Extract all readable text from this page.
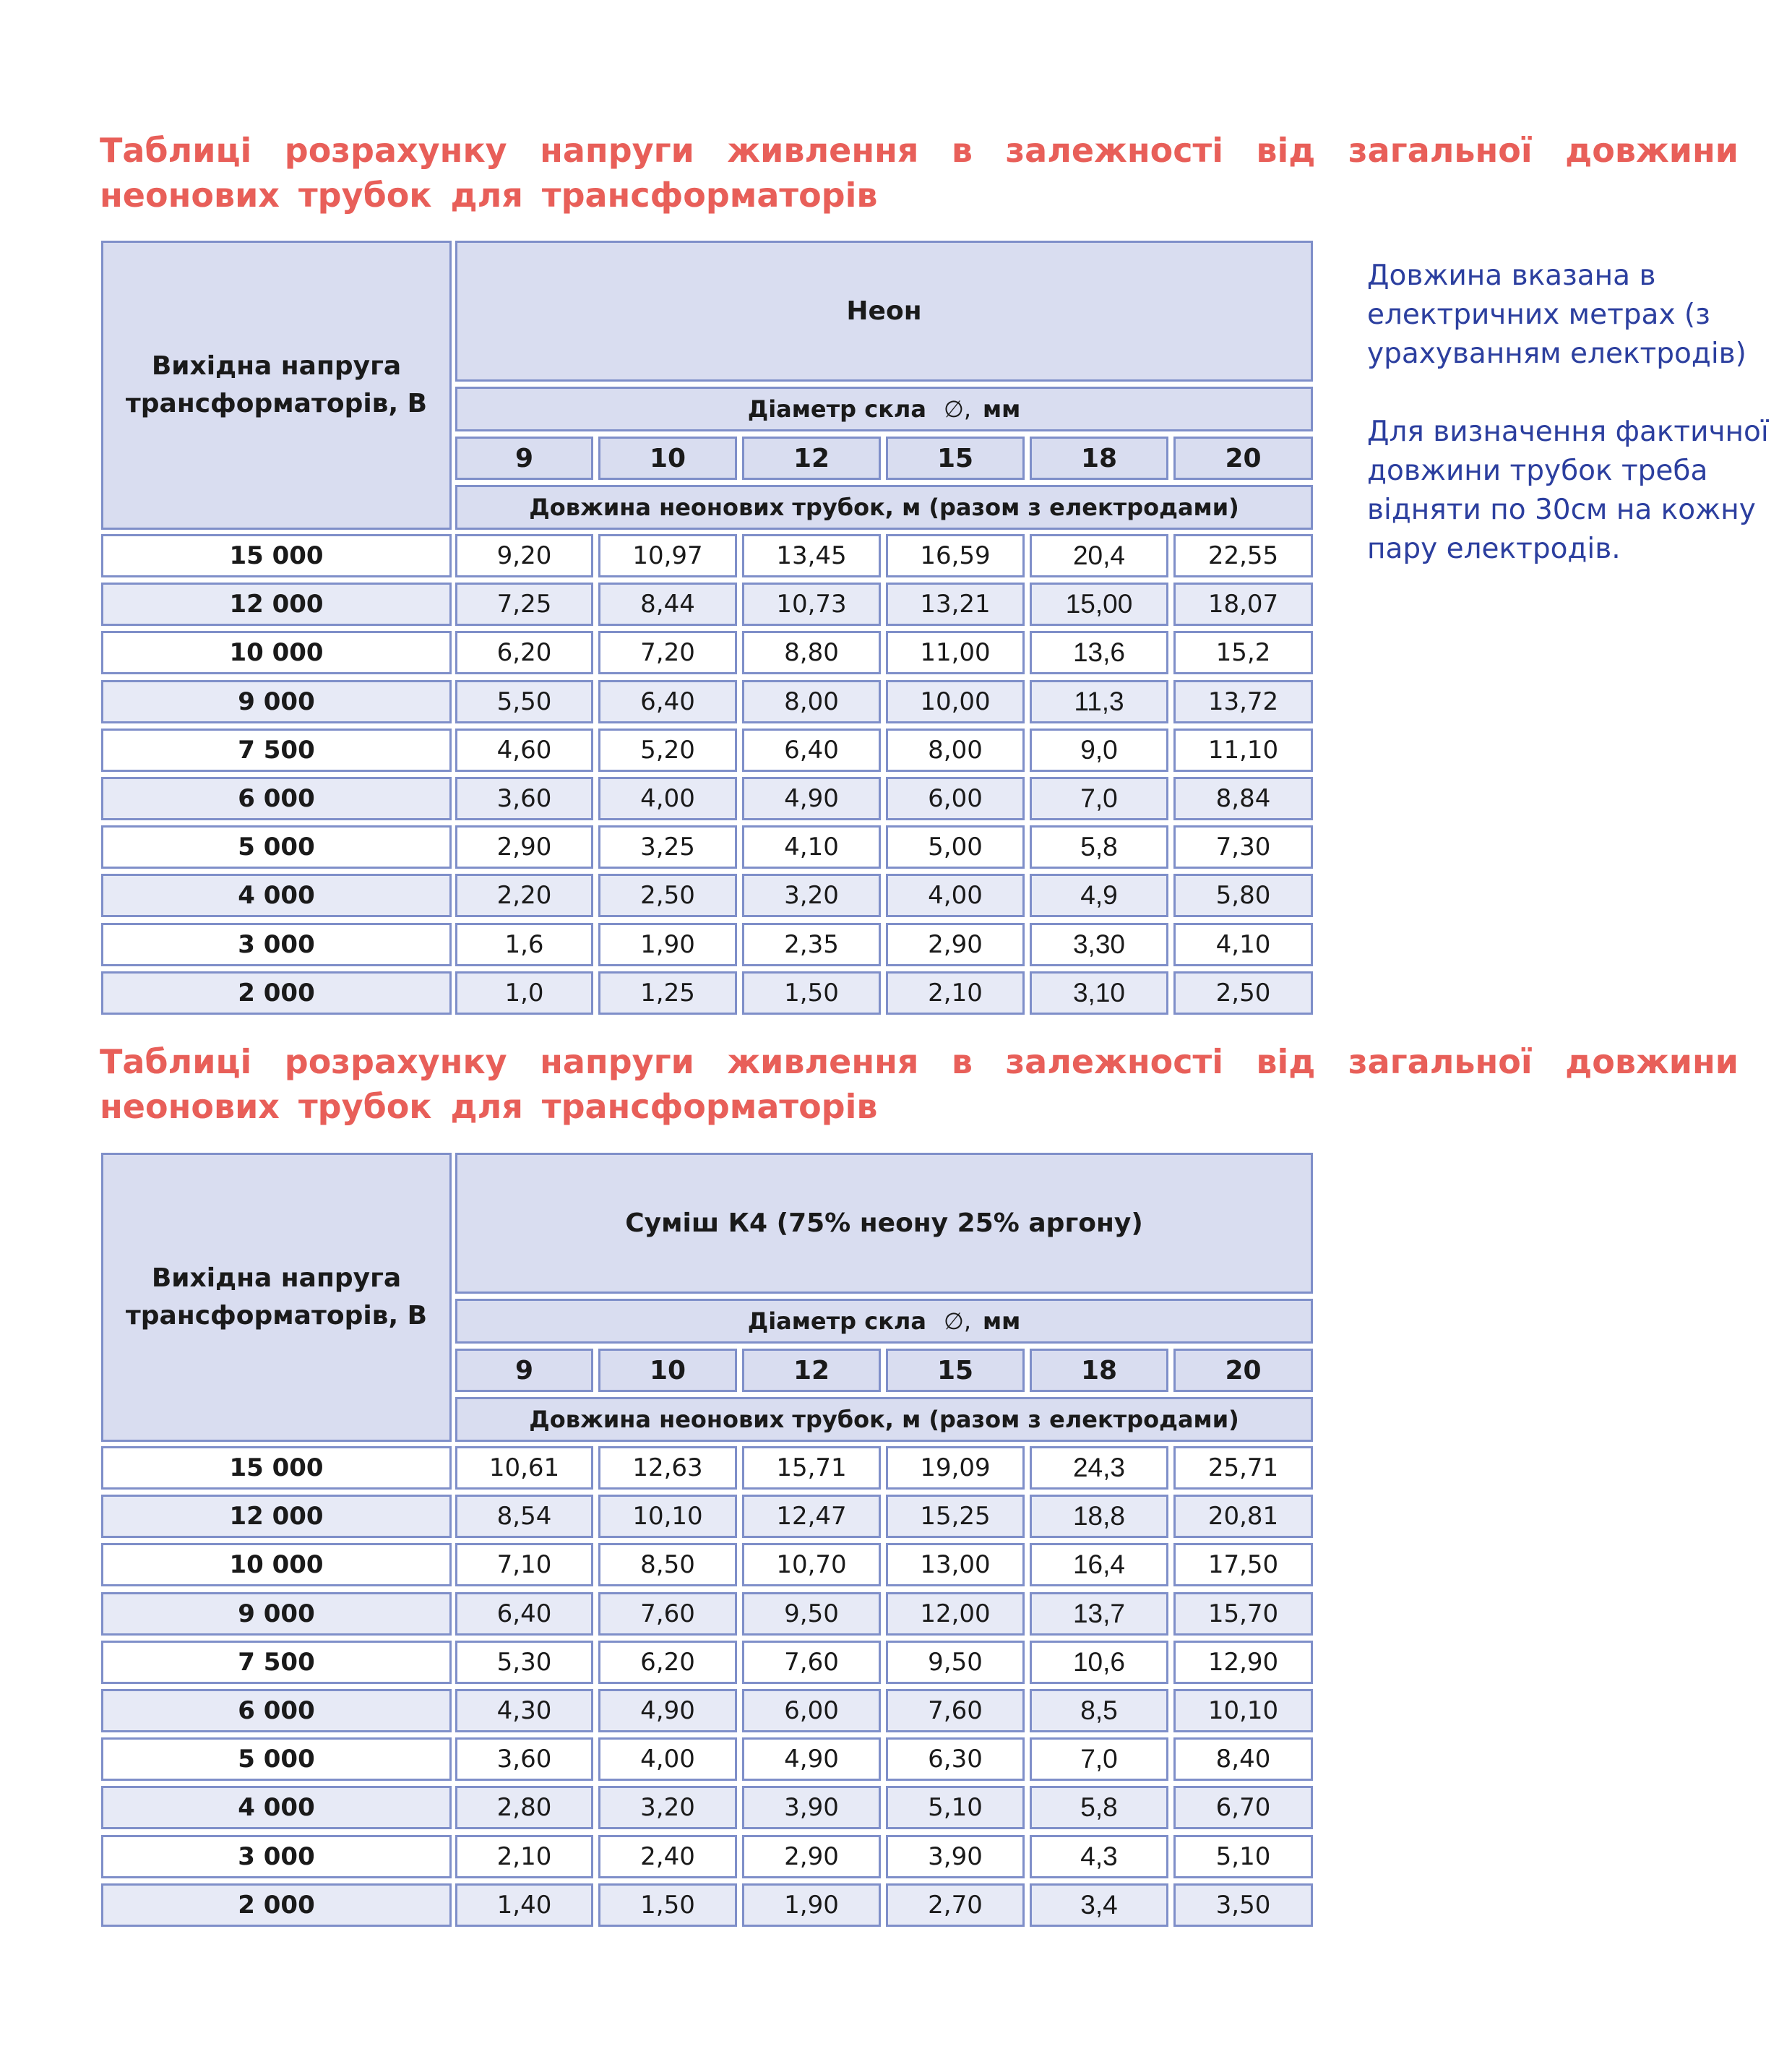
Таблиці розрахунку напруги живлення в залежності від загальної довжини неонових трубок для трансформаторів

Довжина вказана в електричних метрах (з урахуванням електродів)

Для визначення фактичної довжини трубок треба відняти по 30см на кожну пару електродів.

Вихідна напруга трансформаторів, В
Неон
Діаметр скла ∅, мм
9	10	12	15	18	20
Довжина неонових трубок, м (разом з електродами)
15 000	9,20	10,97	13,45	16,59	20,4	22,55
12 000	7,25	8,44	10,73	13,21	15,00	18,07
10 000	6,20	7,20	8,80	11,00	13,6	15,2
9 000	5,50	6,40	8,00	10,00	11,3	13,72
7 500	4,60	5,20	6,40	8,00	9,0	11,10
6 000	3,60	4,00	4,90	6,00	7,0	8,84
5 000	2,90	3,25	4,10	5,00	5,8	7,30
4 000	2,20	2,50	3,20	4,00	4,9	5,80
3 000	1,6	1,90	2,35	2,90	3,30	4,10
2 000	1,0	1,25	1,50	2,10	3,10	2,50
Таблиці розрахунку напруги живлення в залежності від загальної довжини неонових трубок для трансформаторів
Вихідна напруга трансформаторів, В
Суміш К4 (75% неону 25% аргону)
Діаметр скла ∅, мм
9	10	12	15	18	20
Довжина неонових трубок, м (разом з електродами)
15 000	10,61	12,63	15,71	19,09	24,3	25,71
12 000	8,54	10,10	12,47	15,25	18,8	20,81
10 000	7,10	8,50	10,70	13,00	16,4	17,50
9 000	6,40	7,60	9,50	12,00	13,7	15,70
7 500	5,30	6,20	7,60	9,50	10,6	12,90
6 000	4,30	4,90	6,00	7,60	8,5	10,10
5 000	3,60	4,00	4,90	6,30	7,0	8,40
4 000	2,80	3,20	3,90	5,10	5,8	6,70
3 000	2,10	2,40	2,90	3,90	4,3	5,10
2 000	1,40	1,50	1,90	2,70	3,4	3,50
